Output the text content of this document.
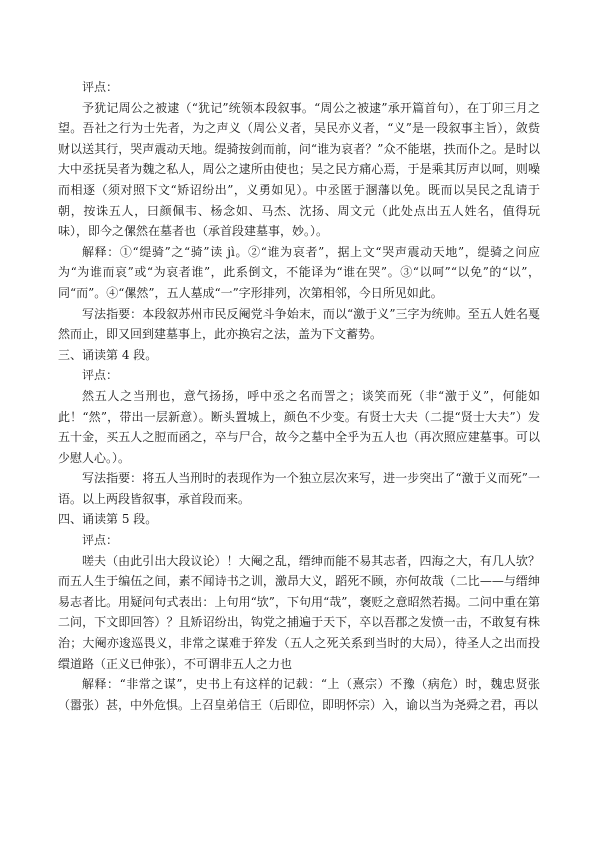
评点：

予犹记周公之被逮（“犹记”统领本段叙事。“周公之被逮”承开篇首句），在丁卯三月之望。吾社之行为士先者，为之声义（周公义者，吴民亦义者，“义”是一段叙事主旨），敛赀财以送其行，哭声震动天地。缇骑按剑而前，问“谁为哀者？”众不能堪，抶而仆之。是时以大中丞抚吴者为魏之私人，周公之逮所由使也；吴之民方痛心焉，于是乘其厉声以呵，则噪而相逐（须对照下文“矫诏纷出”，义勇如见）。中丞匿于溷藩以免。既而以吴民之乱请于朝，按诛五人，曰颜佩韦、杨念如、马杰、沈扬、周文元（此处点出五人姓名，值得玩味），即今之傫然在墓者也（承首段建墓事，妙。）。

解释：①“缇骑”之“骑”读 jì。②“谁为哀者”，据上文“哭声震动天地”，缇骑之问应为“为谁而哀”或“为哀者谁”，此系倒文，不能译为“谁在哭”。③“以呵”“以免”的“以”，同“而”。④“傫然”，五人墓成“一”字形排列，次第相邻，今日所见如此。

写法指要：本段叙苏州市民反阉党斗争始末，而以“激于义”三字为统帅。至五人姓名戛然而止，即又回到建墓事上，此亦换宕之法，盖为下文蓄势。

三、诵读第 4 段。

评点：

然五人之当刑也，意气扬扬，呼中丞之名而詈之；谈笑而死（非“激于义”，何能如此！“然”，带出一层新意）。断头置城上，颜色不少变。有贤士大夫（二提“贤士大夫”）发五十金，买五人之脰而函之，卒与尸合，故今之墓中全乎为五人也（再次照应建墓事。可以少慰人心。）。

写法指要：将五人当刑时的表现作为一个独立层次来写，进一步突出了“激于义而死”一语。以上两段皆叙事，承首段而来。

四、诵读第 5 段。

评点：

嗟夫（由此引出大段议论）！大阉之乱，缙绅而能不易其志者，四海之大，有几人欤？而五人生于编伍之间，素不闻诗书之训，激昂大义，蹈死不顾，亦何故哉（二比——与缙绅易志者比。用疑问句式表出：上句用“欤”，下句用“哉”，褒贬之意昭然若揭。二问中重在第二问，下文即回答）？且矫诏纷出，钩党之捕遍于天下，卒以吾郡之发愤一击，不敢复有株治；大阉亦逡巡畏义，非常之谋难于猝发（五人之死关系到当时的大局），待圣人之出而投缳道路（正义已伸张），不可谓非五人之力也

解释：“非常之谋”，史书上有这样的记载：“上（熹宗）不豫（病危）时，魏忠贤张（嚣张）甚，中外危惧。上召皇弟信王（后即位，即明怀宗）入，谕以当为尧舜之君，再以
